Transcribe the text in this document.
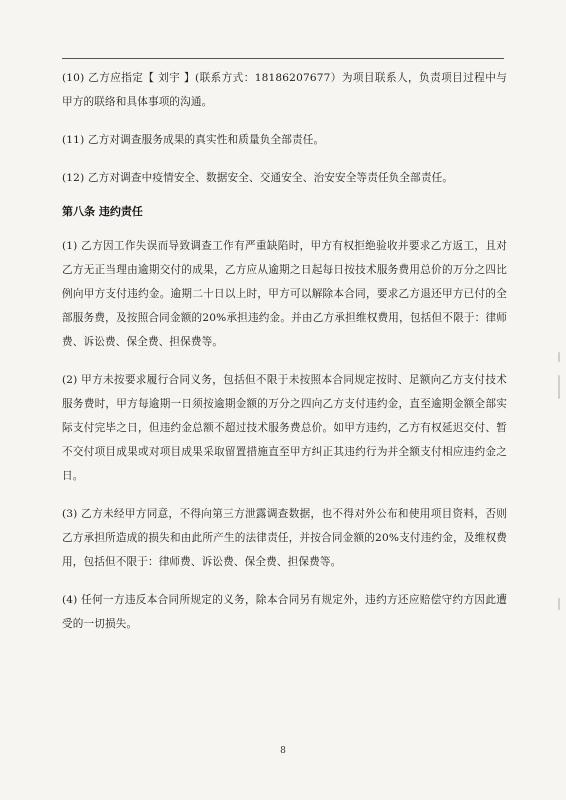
(10) 乙方应指定【 刘宇 】(联系方式：18186207677）为项目联系人，负责项目过程中与甲方的联络和具体事项的沟通。

(11) 乙方对调查服务成果的真实性和质量负全部责任。

(12) 乙方对调查中疫情安全、数据安全、交通安全、治安安全等责任负全部责任。

第八条 违约责任

(1) 乙方因工作失误而导致调查工作有严重缺陷时，甲方有权拒绝验收并要求乙方返工，且对乙方无正当理由逾期交付的成果，乙方应从逾期之日起每日按技术服务费用总价的万分之四比例向甲方支付违约金。逾期二十日以上时，甲方可以解除本合同，要求乙方退还甲方已付的全部服务费，及按照合同金额的20%承担违约金。并由乙方承担维权费用，包括但不限于：律师费、诉讼费、保全费、担保费等。

(2) 甲方未按要求履行合同义务，包括但不限于未按照本合同规定按时、足额向乙方支付技术服务费时，甲方每逾期一日须按逾期金额的万分之四向乙方支付违约金，直至逾期金额全部实际支付完毕之日，但违约金总额不超过技术服务费总价。如甲方违约，乙方有权延迟交付、暂不交付项目成果或对项目成果采取留置措施直至甲方纠正其违约行为并全额支付相应违约金之日。

(3) 乙方未经甲方同意，不得向第三方泄露调查数据，也不得对外公布和使用项目资料，否则乙方承担所造成的损失和由此所产生的法律责任，并按合同金额的20%支付违约金，及维权费用，包括但不限于：律师费、诉讼费、保全费、担保费等。

(4) 任何一方违反本合同所规定的义务，除本合同另有规定外，违约方还应赔偿守约方因此遭受的一切损失。

8
